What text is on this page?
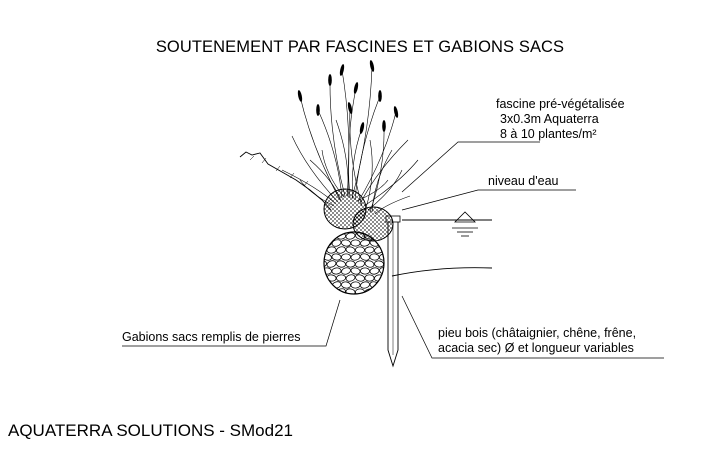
SOUTENEMENT PAR FASCINES ET GABIONS SACS
fascine pré-végétalisée
3x0.3m Aquaterra
8 à 10 plantes/m²
niveau d'eau
Gabions sacs remplis de pierres	pieu bois (châtaignier, chêne, frêne,
acacia sec) Ø et longueur variables
AQUATERRA SOLUTIONS - SMod21
